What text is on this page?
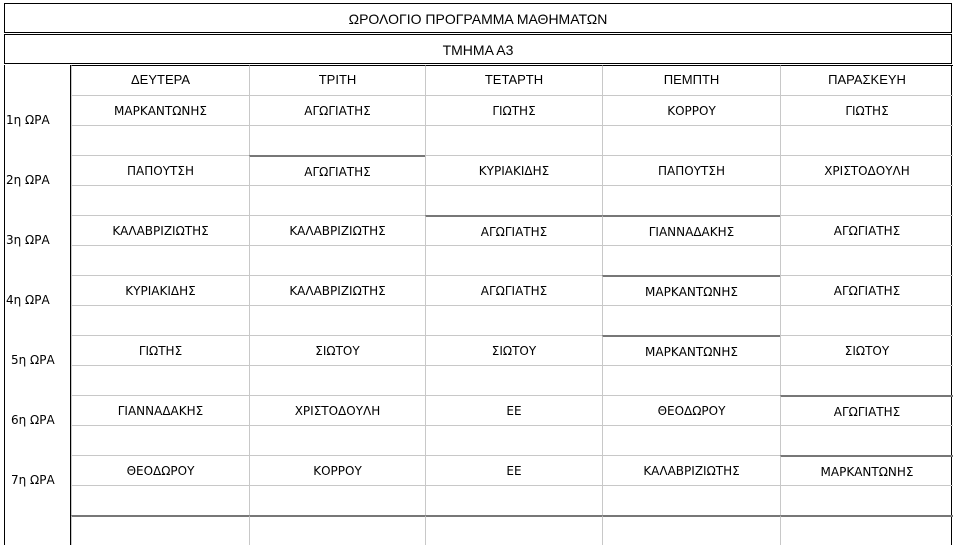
ΩΡΟΛΟΓΙΟ ΠΡΟΓΡΑΜΜΑ ΜΑΘΗΜΑΤΩΝ
ΤΜΗΜΑ Α3
ΔΕΥΤΕΡΑ	ΤΡΙΤΗ	ΤΕΤΑΡΤΗ	ΠΕΜΠΤΗ	ΠΑΡΑΣΚΕΥΗ
1η ΩΡΑ
ΜΑΡΚΑΝΤΩΝΗΣ	ΑΓΩΓΙΑΤΗΣ	ΓΙΩΤΗΣ	ΚΟΡΡΟΥ	ΓΙΩΤΗΣ
2η ΩΡΑ
ΠΑΠΟΥΤΣΗ	ΑΓΩΓΙΑΤΗΣ	ΚΥΡΙΑΚΙΔΗΣ	ΠΑΠΟΥΤΣΗ	ΧΡΙΣΤΟΔΟΥΛΗ
3η ΩΡΑ
ΚΑΛΑΒΡΙΖΙΩΤΗΣ	ΚΑΛΑΒΡΙΖΙΩΤΗΣ	ΑΓΩΓΙΑΤΗΣ	ΓΙΑΝΝΑΔΑΚΗΣ	ΑΓΩΓΙΑΤΗΣ
4η ΩΡΑ
ΚΥΡΙΑΚΙΔΗΣ	ΚΑΛΑΒΡΙΖΙΩΤΗΣ	ΑΓΩΓΙΑΤΗΣ	ΜΑΡΚΑΝΤΩΝΗΣ	ΑΓΩΓΙΑΤΗΣ
5η ΩΡΑ
ΓΙΩΤΗΣ	ΣΙΩΤΟΥ	ΣΙΩΤΟΥ	ΜΑΡΚΑΝΤΩΝΗΣ	ΣΙΩΤΟΥ
6η ΩΡΑ
ΓΙΑΝΝΑΔΑΚΗΣ	ΧΡΙΣΤΟΔΟΥΛΗ	ΕΕ	ΘΕΟΔΩΡΟΥ	ΑΓΩΓΙΑΤΗΣ
7η ΩΡΑ
ΘΕΟΔΩΡΟΥ	ΚΟΡΡΟΥ	ΕΕ	ΚΑΛΑΒΡΙΖΙΩΤΗΣ	ΜΑΡΚΑΝΤΩΝΗΣ
